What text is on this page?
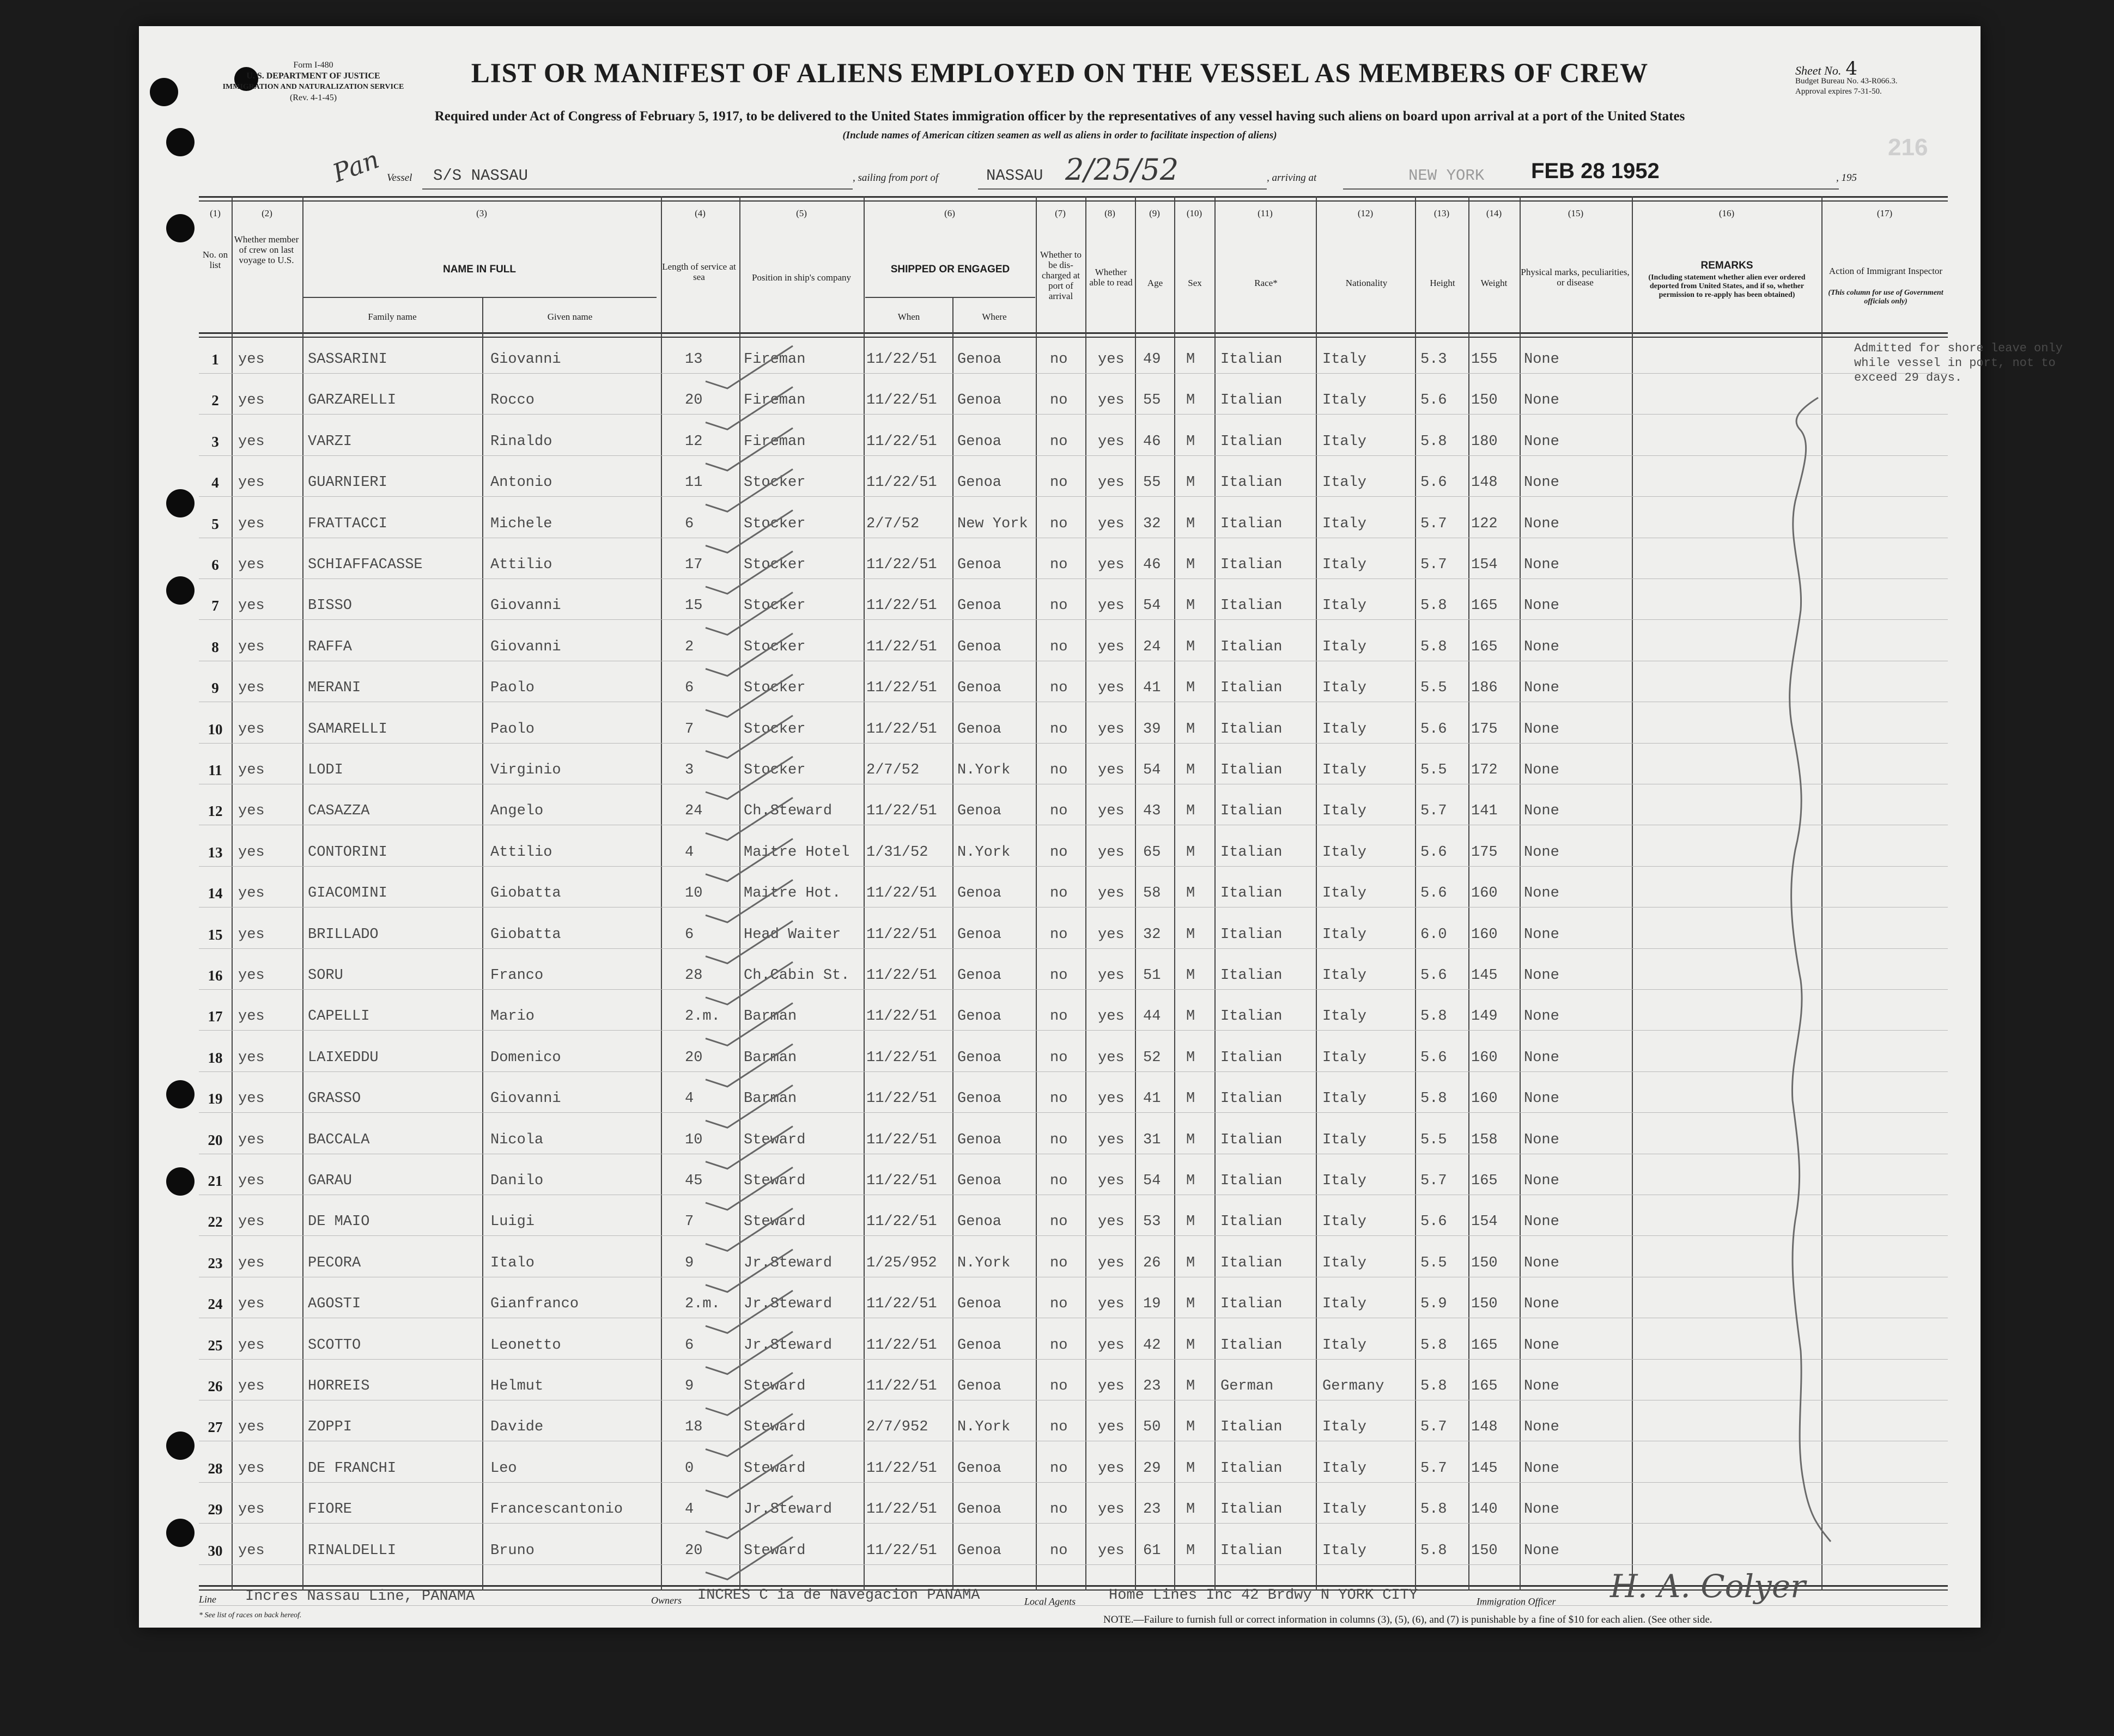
Form I-480
U. S. DEPARTMENT OF JUSTICE
IMMIGRATION AND NATURALIZATION SERVICE
(Rev. 4-1-45)
LIST OR MANIFEST OF ALIENS EMPLOYED ON THE VESSEL AS MEMBERS OF CREW	Sheet No. 4
Budget Bureau No. 43-R066.3.
Approval expires 7-31-50.
Required under Act of Congress of February 5, 1917, to be delivered to the United States immigration officer by the representatives of any vessel having such aliens on board upon arrival at a port of the United States
(Include names of American citizen seamen as well as aliens in order to facilitate inspection of aliens)	216
Pan Vessel S/S NASSAU	, sailing from port of	NASSAU 2/25/52	, arriving at	NEW YORK FEB 28 1952	, 195
(1)	(2)	(3)	(4)	(5)	(6)	(7)	(8)	(9)	(10)	(11)	(12)	(13)	(14)	(15)	(16)	(17)
No. on list
Whether member of crew on last voyage to U.S.
NAME IN FULL
Family name	Given name
Length of service at sea	Position in ship's company
SHIPPED OR ENGAGED
When	Where
Whether to be dis-charged at port of arrival
Whether able to read	Age	Sex	Race*	Nationality	Height	Weight
Physical marks, peculiarities, or disease
REMARKS
(Including statement whether alien ever ordered deported from United States, and if so, whether permission to re-apply has been obtained)
Action of Immigrant Inspector
(This column for use of Government officials only)
1	yes	SASSARINI	Giovanni	13	Fireman	11/22/51 Genoa	no yes 49 M Italian	Italy	5.3 155 None
2	yes	GARZARELLI	Rocco	20	Fireman	11/22/51 Genoa	no yes 55 M Italian	Italy	5.6 150 None
3	yes	VARZI	Rinaldo	12	Fireman	11/22/51 Genoa	no yes 46 M Italian	Italy	5.8 180 None
4	yes	GUARNIERI	Antonio	11	Stocker	11/22/51 Genoa	no yes 55 M Italian	Italy	5.6 148 None
5	yes	FRATTACCI	Michele	6	Stocker	2/7/52	New York no yes 32 M Italian	Italy	5.7 122 None
6	yes	SCHIAFFACASSE	Attilio	17	Stocker	11/22/51 Genoa	no yes 46 M Italian	Italy	5.7 154 None
7	yes	BISSO	Giovanni	15	Stocker	11/22/51 Genoa	no yes 54 M Italian	Italy	5.8 165 None
8	yes	RAFFA	Giovanni	2	Stocker	11/22/51 Genoa	no yes 24 M Italian	Italy	5.8 165 None
9	yes	MERANI	Paolo	6	Stocker	11/22/51 Genoa	no yes 41 M Italian	Italy	5.5 186 None
10	yes	SAMARELLI	Paolo	7	Stocker	11/22/51 Genoa	no yes 39 M Italian	Italy	5.6 175 None
11	yes	LODI	Virginio	3	Stocker	2/7/52	N.York	no yes 54 M Italian	Italy	5.5 172 None
12	yes	CASAZZA	Angelo	24	Ch.Steward 11/22/51 Genoa	no yes 43 M Italian	Italy	5.7 141 None
13	yes	CONTORINI	Attilio	4	Maitre Hotel 1/31/52 N.York	no yes 65 M Italian	Italy	5.6 175 None
14	yes	GIACOMINI	Giobatta	10	Maitre Hot. 11/22/51 Genoa	no yes 58 M Italian	Italy	5.6 160 None
15	yes	BRILLADO	Giobatta	6	Head Waiter 11/22/51 Genoa	no yes 32 M Italian	Italy	6.0 160 None
16	yes	SORU	Franco	28	Ch.Cabin St. 11/22/51 Genoa	no yes 51 M Italian	Italy	5.6 145 None
17	yes	CAPELLI	Mario	2.m. Barman	11/22/51 Genoa	no yes 44 M Italian	Italy	5.8 149 None
18	yes	LAIXEDDU	Domenico	20	Barman	11/22/51 Genoa	no yes 52 M Italian	Italy	5.6 160 None
19	yes	GRASSO	Giovanni	4	Barman	11/22/51 Genoa	no yes 41 M Italian	Italy	5.8 160 None
20	yes	BACCALA	Nicola	10	Steward	11/22/51 Genoa	no yes 31 M Italian	Italy	5.5 158 None
21	yes	GARAU	Danilo	45	Steward	11/22/51 Genoa	no yes 54 M Italian	Italy	5.7 165 None
22	yes	DE MAIO	Luigi	7	Steward	11/22/51 Genoa	no yes 53 M Italian	Italy	5.6 154 None
23	yes	PECORA	Italo	9	Jr.Steward 1/25/952 N.York	no yes 26 M Italian	Italy	5.5 150 None
24	yes	AGOSTI	Gianfranco	2.m. Jr.Steward 11/22/51 Genoa	no yes 19 M Italian	Italy	5.9 150 None
25	yes	SCOTTO	Leonetto	6	Jr.Steward 11/22/51 Genoa	no yes 42 M Italian	Italy	5.8 165 None
26	yes	HORREIS	Helmut	9	Steward	11/22/51 Genoa	no yes 23 M German	Germany 5.8 165 None
27	yes	ZOPPI	Davide	18	Steward	2/7/952 N.York	no yes 50 M Italian	Italy	5.7 148 None
28	yes	DE FRANCHI	Leo	0	Steward	11/22/51 Genoa	no yes 29 M Italian	Italy	5.7 145 None
29	yes	FIORE	Francescantonio	4	Jr.Steward 11/22/51 Genoa	no yes 23 M Italian	Italy	5.8 140 None
30	yes	RINALDELLI	Bruno	20	Steward	11/22/51 Genoa	no yes 61 M Italian	Italy	5.8 150 None
Admitted for shore leave only while vessel in port, not to exceed 29 days.
Line Incres Nassau Line, PANAMA	Owners INCRES C ia de Navegacion PANAMA	Local Agents Home Lines Inc 42 Brdwy N YORK CITY	Immigration Officer H. A. Colyer
* See list of races on back hereof.	NOTE.—Failure to furnish full or correct information in columns (3), (5), (6), and (7) is punishable by a fine of $10 for each alien. (See other side.
